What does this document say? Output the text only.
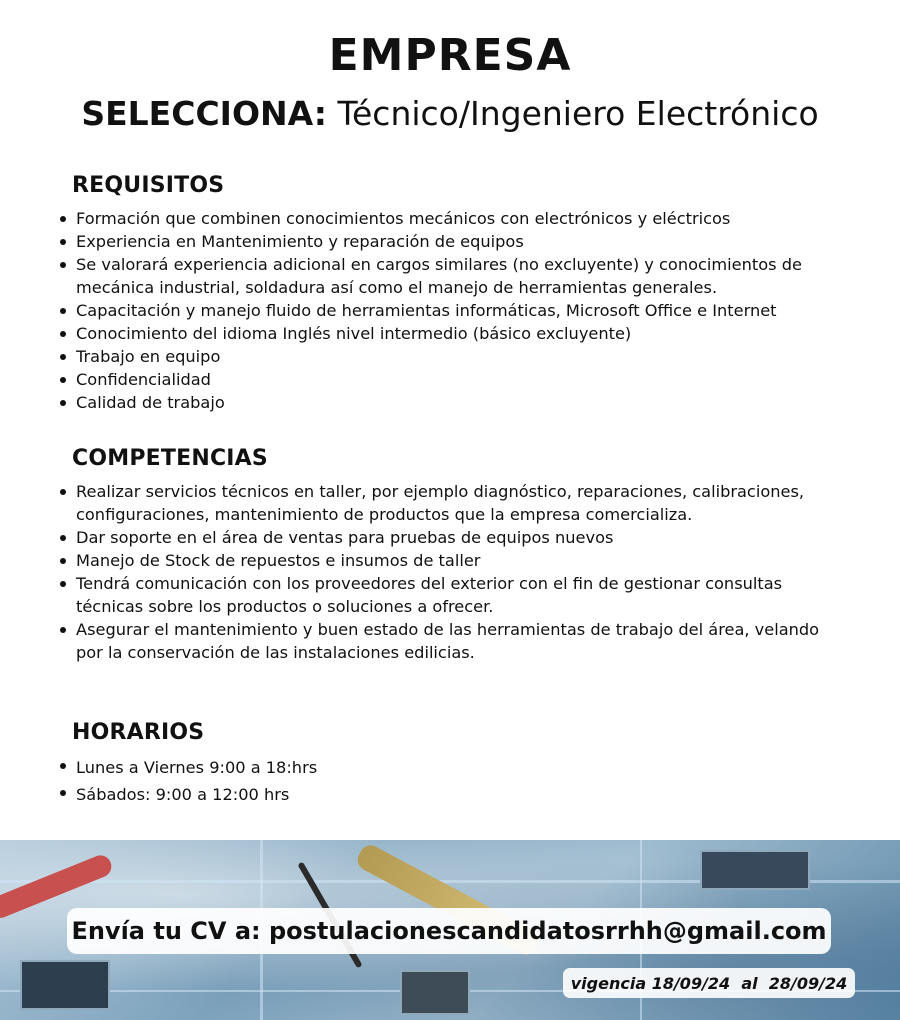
EMPRESA
SELECCIONA: Técnico/Ingeniero Electrónico
REQUISITOS
Formación que combinen conocimientos mecánicos con electrónicos y eléctricos
Experiencia en Mantenimiento y reparación de equipos
Se valorará experiencia adicional en cargos similares (no excluyente) y conocimientos de mecánica industrial, soldadura así como el manejo de herramientas generales.
Capacitación y manejo fluido de herramientas informáticas, Microsoft Office e Internet
Conocimiento del idioma Inglés nivel intermedio (básico excluyente)
Trabajo en equipo
Confidencialidad
Calidad de trabajo
COMPETENCIAS
Realizar servicios técnicos en taller, por ejemplo diagnóstico, reparaciones, calibraciones, configuraciones, mantenimiento de productos que la empresa comercializa.
Dar soporte en el área de ventas para pruebas de equipos nuevos
Manejo de Stock de repuestos e insumos de taller
Tendrá comunicación con los proveedores del exterior con el fin de gestionar consultas técnicas sobre los productos o soluciones a ofrecer.
Asegurar el mantenimiento y buen estado de las herramientas de trabajo del área, velando por la conservación de las instalaciones edilicias.
HORARIOS
Lunes a Viernes 9:00 a 18:hrs
Sábados: 9:00 a 12:00 hrs
Envía tu CV a: postulacionescandidatosrrhh@gmail.com
vigencia 18/09/24  al  28/09/24
